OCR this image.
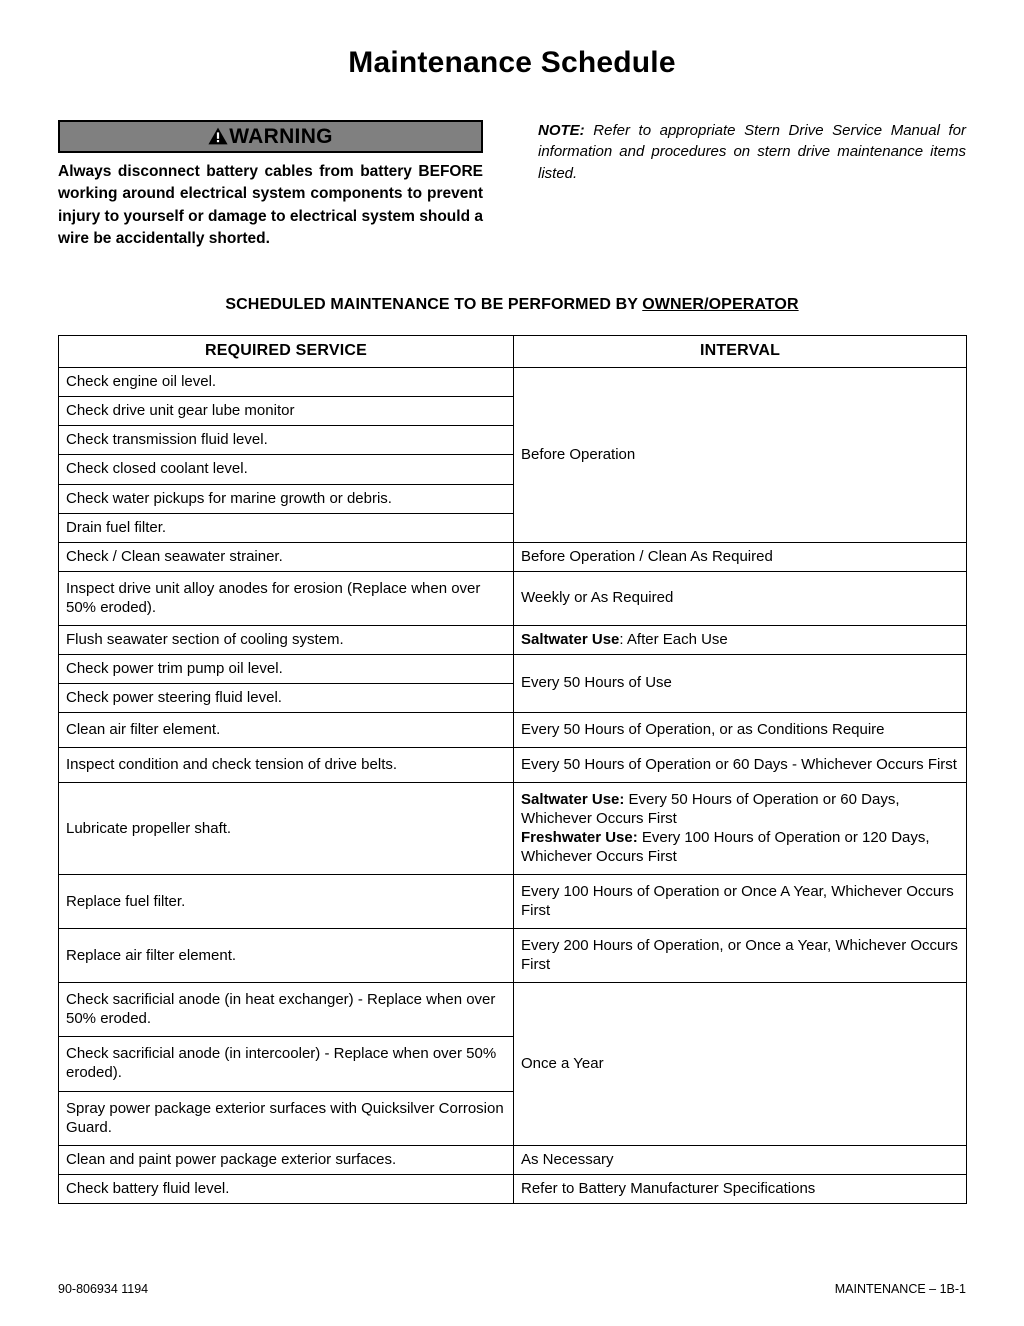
Maintenance Schedule
WARNING
Always disconnect battery cables from battery BEFORE working around electrical system components to prevent injury to yourself or damage to electrical system should a wire be accidentally shorted.
NOTE: Refer to appropriate Stern Drive Service Manual for information and procedures on stern drive maintenance items listed.
SCHEDULED MAINTENANCE TO BE PERFORMED BY OWNER/OPERATOR
REQUIRED SERVICE	INTERVAL
Check engine oil level.	Before Operation
Check drive unit gear lube monitor	
Check transmission fluid level.	
Check closed coolant level.	
Check water pickups for marine growth or debris.	
Drain fuel filter.	
Check / Clean seawater strainer.	Before Operation / Clean As Required
Inspect drive unit alloy anodes for erosion (Replace when over 50% eroded).	Weekly or As Required
Flush seawater section of cooling system.	Saltwater Use: After Each Use
Check power trim pump oil level.	Every 50 Hours of Use
Check power steering fluid level.	
Clean air filter element.	Every 50 Hours of Operation, or as Conditions Require
Inspect condition and check tension of drive belts.	Every 50 Hours of Operation or 60 Days - Whichever Occurs First
Lubricate propeller shaft.	Saltwater Use: Every 50 Hours of Operation or 60 Days, Whichever Occurs First
Freshwater Use: Every 100 Hours of Operation or 120 Days, Whichever Occurs First
Replace fuel filter.	Every 100 Hours of Operation or Once A Year, Whichever Occurs First
Replace air filter element.	Every 200 Hours of Operation, or Once a Year, Whichever Occurs First
Check sacrificial anode (in heat exchanger) - Replace when over 50% eroded.	Once a Year
Check sacrificial anode (in intercooler) - Replace when over 50% eroded).	
Spray power package exterior surfaces with Quicksilver Corrosion Guard.	
Clean and paint power package exterior surfaces.	As Necessary
Check battery fluid level.	Refer to Battery Manufacturer Specifications
90-806934 1194	MAINTENANCE – 1B-1
